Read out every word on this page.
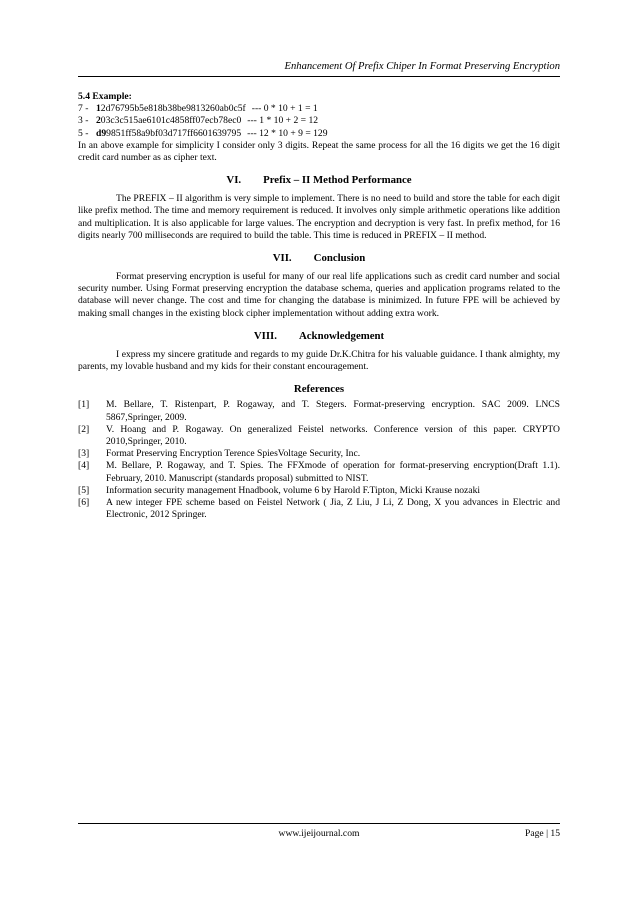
Enhancement Of Prefix Chiper In Format Preserving Encryption

5.4 Example:

7 - 12d76795b5e818b38be9813260ab0c5f --- 0 * 10 + 1 = 1
3 - 203c3c515ae6101c4858ff07ecb78ec0 --- 1 * 10 + 2 = 12
5 - d99851ff58a9bf03d717ff6601639795 --- 12 * 10 + 9 = 129

In an above example for simplicity I consider only 3 digits. Repeat the same process for all the 16 digits we get the 16 digit credit card number as as cipher text.

VI. Prefix – II Method Performance

The PREFIX – II algorithm is very simple to implement. There is no need to build and store the table for each digit like prefix method. The time and memory requirement is reduced. It involves only simple arithmetic operations like addition and multiplication. It is also applicable for large values. The encryption and decryption is very fast. In prefix method, for 16 digits nearly 700 milliseconds are required to build the table. This time is reduced in PREFIX – II method.

VII. Conclusion

Format preserving encryption is useful for many of our real life applications such as credit card number and social security number. Using Format preserving encryption the database schema, queries and application programs related to the database will never change. The cost and time for changing the database is minimized. In future FPE will be achieved by making small changes in the existing block cipher implementation without adding extra work.

VIII. Acknowledgement

I express my sincere gratitude and regards to my guide Dr.K.Chitra for his valuable guidance. I thank almighty, my parents, my lovable husband and my kids for their constant encouragement.

References
[1]	M. Bellare, T. Ristenpart, P. Rogaway, and T. Stegers. Format-preserving encryption. SAC 2009. LNCS 5867,Springer, 2009.
[2]	V. Hoang and P. Rogaway. On generalized Feistel networks. Conference version of this paper. CRYPTO 2010,Springer, 2010.
[3]	Format Preserving Encryption Terence SpiesVoltage Security, Inc.
[4]	M. Bellare, P. Rogaway, and T. Spies. The FFXmode of operation for format-preserving encryption(Draft 1.1). February, 2010. Manuscript (standards proposal) submitted to NIST.
[5]	Information security management Hnadbook, volume 6 by Harold F.Tipton, Micki Krause nozaki
[6]	A new integer FPE scheme based on Feistel Network ( Jia, Z Liu, J Li, Z Dong, X you advances in Electric and Electronic, 2012 Springer.
www.ijeijournal.com	Page | 15
